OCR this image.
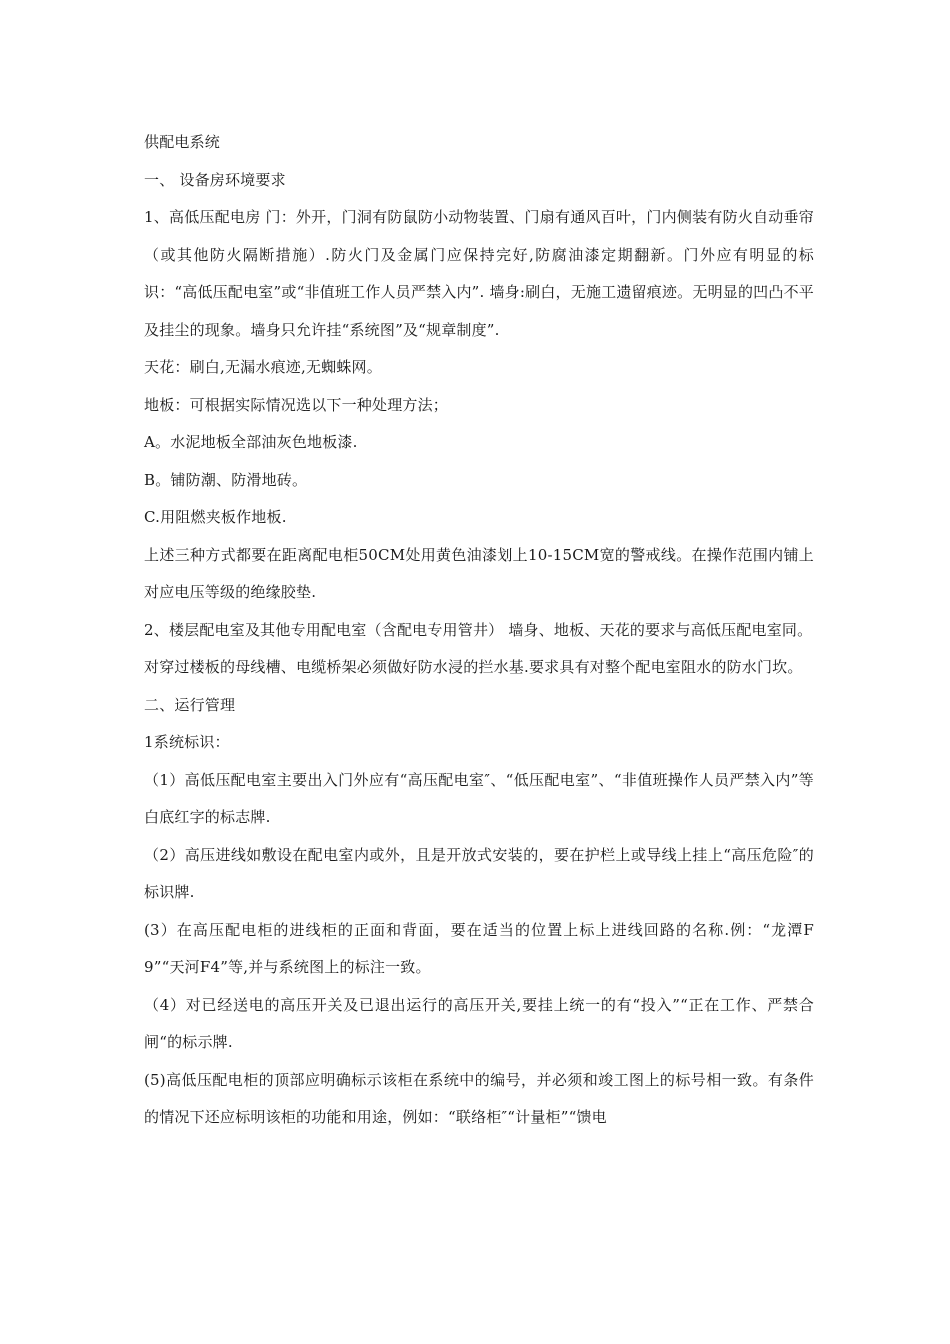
供配电系统

一、 设备房环境要求

1、高低压配电房 门：外开，门洞有防鼠防小动物装置、门扇有通风百叶，门内侧装有防火自动垂帘（或其他防火隔断措施）.防火门及金属门应保持完好,防腐油漆定期翻新。门外应有明显的标识：“高低压配电室”或“非值班工作人员严禁入内”. 墙身:刷白，无施工遗留痕迹。无明显的凹凸不平及挂尘的现象。墙身只允许挂“系统图”及“规章制度”.

天花：刷白,无漏水痕迹,无蜘蛛网。

地板：可根据实际情况选以下一种处理方法；

A。水泥地板全部油灰色地板漆.

B。铺防潮、防滑地砖。

C.用阻燃夹板作地板.

上述三种方式都要在距离配电柜50CM处用黄色油漆划上10-15CM宽的警戒线。在操作范围内铺上对应电压等级的绝缘胶垫.

2、楼层配电室及其他专用配电室（含配电专用管井） 墙身、地板、天花的要求与高低压配电室同。

对穿过楼板的母线槽、电缆桥架必须做好防水浸的拦水基.要求具有对整个配电室阻水的防水门坎。

二、运行管理

1系统标识：

（1）高低压配电室主要出入门外应有“高压配电室″、“低压配电室”、“非值班操作人员严禁入内”等白底红字的标志牌.

（2）高压进线如敷设在配电室内或外，且是开放式安装的，要在护栏上或导线上挂上“高压危险″的标识牌.

(3）在高压配电柜的进线柜的正面和背面，要在适当的位置上标上进线回路的名称.例：“龙潭F9”“天河F4”等,并与系统图上的标注一致。

（4）对已经送电的高压开关及已退出运行的高压开关,要挂上统一的有“投入”“正在工作、严禁合闸“的标示牌.

(5)高低压配电柜的顶部应明确标示该柜在系统中的编号，并必须和竣工图上的标号相一致。有条件的情况下还应标明该柜的功能和用途，例如：“联络柜″“计量柜”“馈电
